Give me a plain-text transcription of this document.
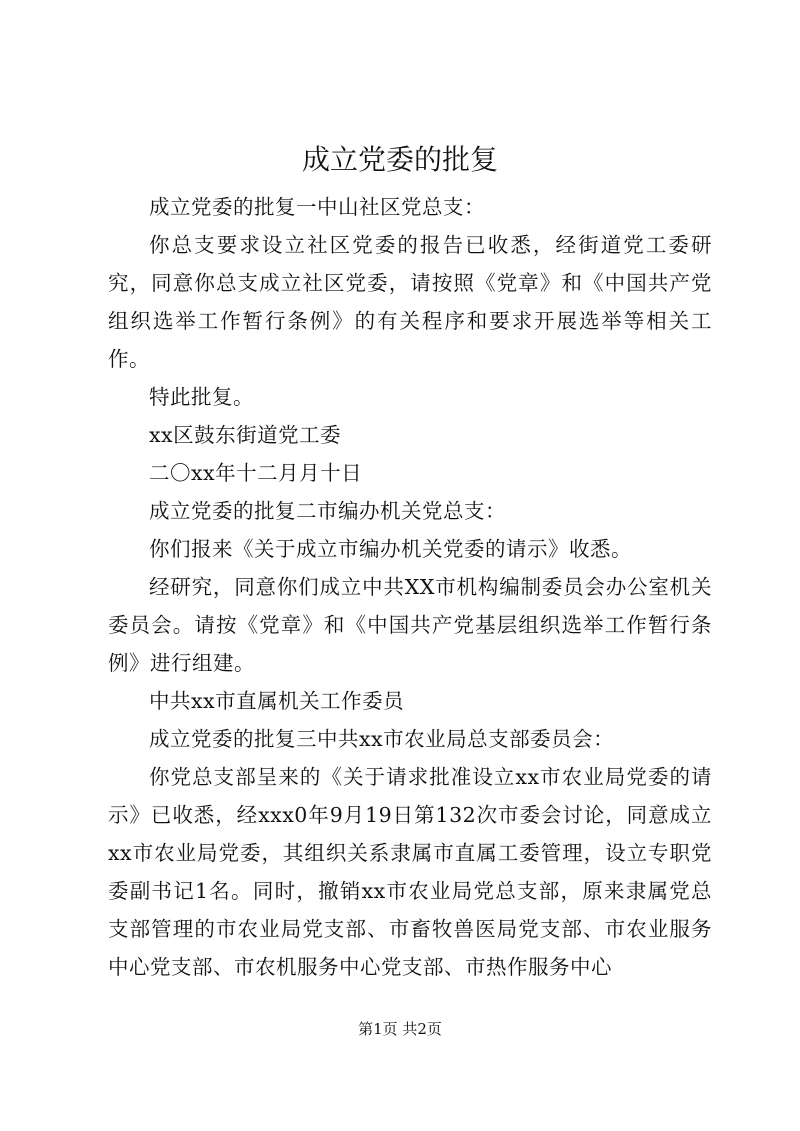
成立党委的批复

成立党委的批复一中山社区党总支：

你总支要求设立社区党委的报告已收悉，经街道党工委研究，同意你总支成立社区党委，请按照《党章》和《中国共产党组织选举工作暂行条例》的有关程序和要求开展选举等相关工作。

特此批复。

xx区鼓东街道党工委

二〇xx年十二月月十日

成立党委的批复二市编办机关党总支：

你们报来《关于成立市编办机关党委的请示》收悉。

经研究，同意你们成立中共XX市机构编制委员会办公室机关委员会。请按《党章》和《中国共产党基层组织选举工作暂行条例》进行组建。

中共xx市直属机关工作委员

成立党委的批复三中共xx市农业局总支部委员会：

你党总支部呈来的《关于请求批准设立xx市农业局党委的请示》已收悉，经xxx0年9月19日第132次市委会讨论，同意成立xx市农业局党委，其组织关系隶属市直属工委管理，设立专职党委副书记1名。同时，撤销xx市农业局党总支部，原来隶属党总支部管理的市农业局党支部、市畜牧兽医局党支部、市农业服务中心党支部、市农机服务中心党支部、市热作服务中心

第1页 共2页
